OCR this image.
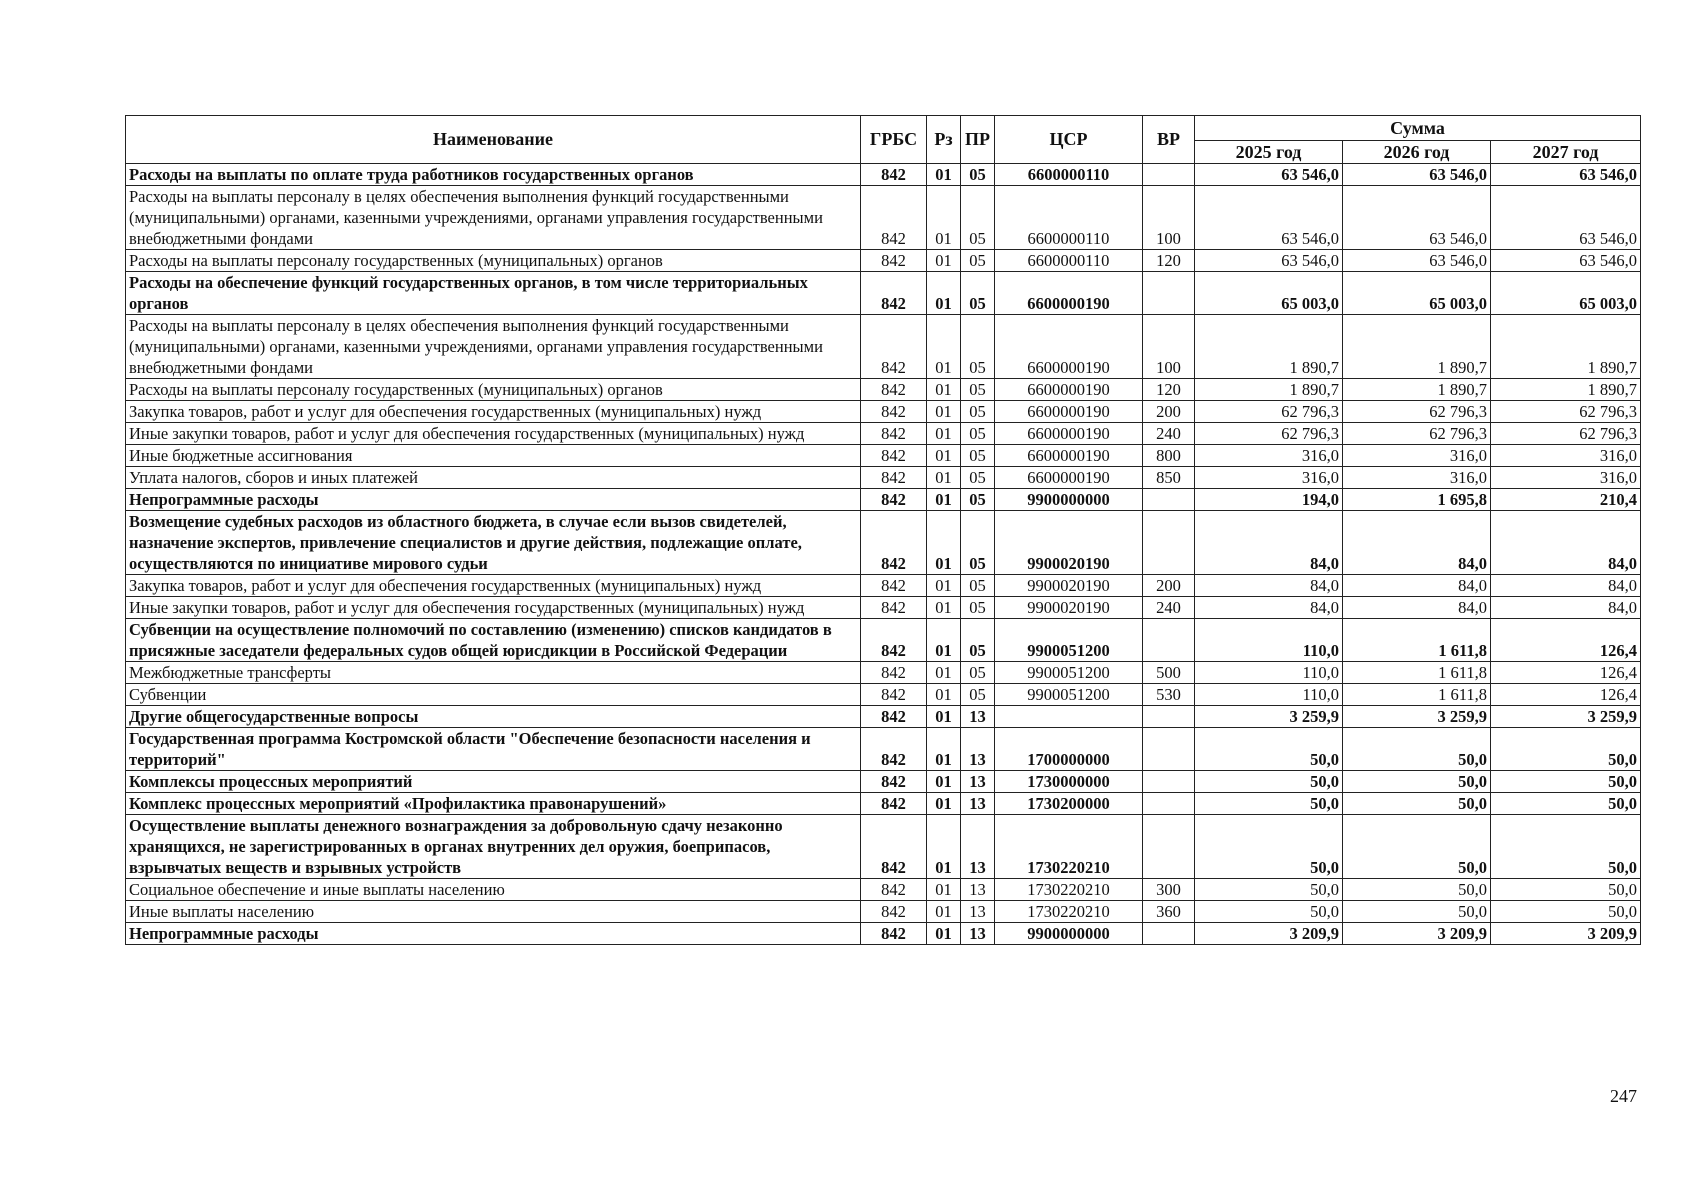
Наименование	ГРБС	Рз	ПР	ЦСР	ВР	Сумма		
						2025 год	2026 год	2027 год
Расходы на выплаты по оплате труда работников государственных органов	842	01	05	6600000110		63 546,0	63 546,0	63 546,0
Расходы на выплаты персоналу в целях обеспечения выполнения функций государственными (муниципальными) органами, казенными учреждениями, органами управления государственными внебюджетными фондами	842	01	05	6600000110	100	63 546,0	63 546,0	63 546,0
Расходы на выплаты персоналу государственных (муниципальных) органов	842	01	05	6600000110	120	63 546,0	63 546,0	63 546,0
Расходы на обеспечение функций государственных органов, в том числе территориальных органов	842	01	05	6600000190		65 003,0	65 003,0	65 003,0
Расходы на выплаты персоналу в целях обеспечения выполнения функций государственными (муниципальными) органами, казенными учреждениями, органами управления государственными внебюджетными фондами	842	01	05	6600000190	100	1 890,7	1 890,7	1 890,7
Расходы на выплаты персоналу государственных (муниципальных) органов	842	01	05	6600000190	120	1 890,7	1 890,7	1 890,7
Закупка товаров, работ и услуг для обеспечения государственных (муниципальных) нужд	842	01	05	6600000190	200	62 796,3	62 796,3	62 796,3
Иные закупки товаров, работ и услуг для обеспечения государственных (муниципальных) нужд	842	01	05	6600000190	240	62 796,3	62 796,3	62 796,3
Иные бюджетные ассигнования	842	01	05	6600000190	800	316,0	316,0	316,0
Уплата налогов, сборов и иных платежей	842	01	05	6600000190	850	316,0	316,0	316,0
Непрограммные расходы	842	01	05	9900000000		194,0	1 695,8	210,4
Возмещение судебных расходов из областного бюджета, в случае если вызов свидетелей, назначение экспертов, привлечение специалистов и другие действия, подлежащие оплате, осуществляются по инициативе мирового судьи	842	01	05	9900020190		84,0	84,0	84,0
Закупка товаров, работ и услуг для обеспечения государственных (муниципальных) нужд	842	01	05	9900020190	200	84,0	84,0	84,0
Иные закупки товаров, работ и услуг для обеспечения государственных (муниципальных) нужд	842	01	05	9900020190	240	84,0	84,0	84,0
Субвенции на осуществление полномочий по составлению (изменению) списков кандидатов в присяжные заседатели федеральных судов общей юрисдикции в Российской Федерации	842	01	05	9900051200		110,0	1 611,8	126,4
Межбюджетные трансферты	842	01	05	9900051200	500	110,0	1 611,8	126,4
Субвенции	842	01	05	9900051200	530	110,0	1 611,8	126,4
Другие общегосударственные вопросы	842	01	13			3 259,9	3 259,9	3 259,9
Государственная программа Костромской области "Обеспечение безопасности населения и территорий"	842	01	13	1700000000		50,0	50,0	50,0
Комплексы процессных мероприятий	842	01	13	1730000000		50,0	50,0	50,0
Комплекс процессных мероприятий «Профилактика правонарушений»	842	01	13	1730200000		50,0	50,0	50,0
Осуществление выплаты денежного вознаграждения за добровольную сдачу незаконно хранящихся, не зарегистрированных в органах внутренних дел оружия, боеприпасов, взрывчатых веществ и взрывных устройств	842	01	13	1730220210		50,0	50,0	50,0
Социальное обеспечение и иные выплаты населению	842	01	13	1730220210	300	50,0	50,0	50,0
Иные выплаты населению	842	01	13	1730220210	360	50,0	50,0	50,0
Непрограммные расходы	842	01	13	9900000000		3 209,9	3 209,9	3 209,9
247
